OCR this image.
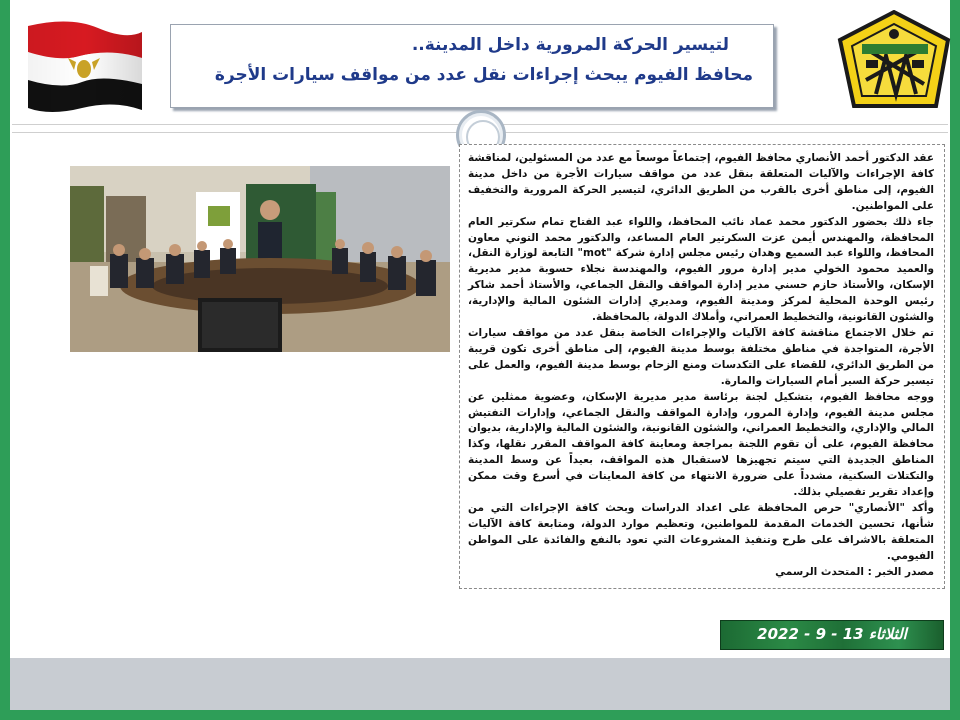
لتيسير الحركة المرورية داخل المدينة..
محافظ الفيوم يبحث إجراءات نقل عدد من مواقف سيارات الأجرة

عقد الدكتور أحمد الأنصاري محافظ الفيوم، إجتماعاً موسعاً مع عدد من المسئولين، لمناقشة كافة الإجراءات والآليات المتعلقة بنقل عدد من مواقف سيارات الأجرة من داخل مدينة الفيوم، إلى مناطق أخرى بالقرب من الطريق الدائري، لتيسير الحركة المرورية والتخفيف على المواطنين.

جاء ذلك بحضور الدكتور محمد عماد نائب المحافظ، واللواء عبد الفتاح تمام سكرتير العام المحافظة، والمهندس أيمن عزت السكرتير العام المساعد، والدكتور محمد التوني معاون المحافظ، واللواء عبد السميع وهدان رئيس مجلس إدارة شركة "mot" التابعة لوزارة النقل، والعميد محمود الخولي مدير إدارة مرور الفيوم، والمهندسة نجلاء حسوبة مدير مديرية الإسكان، والأستاذ حازم حسني مدير إدارة المواقف والنقل الجماعي، والأستاذ أحمد شاكر رئيس الوحدة المحلية لمركز ومدينة الفيوم، ومديري إدارات الشئون المالية والإدارية، والشئون القانونية، والتخطيط العمراني، وأملاك الدولة، بالمحافظة.

تم خلال الاجتماع مناقشة كافة الآليات والإجراءات الخاصة بنقل عدد من مواقف سيارات الأجرة، المتواجدة في مناطق مختلفة بوسط مدينة الفيوم، إلى مناطق أخرى تكون قريبة من الطريق الدائري، للقضاء على التكدسات ومنع الزحام بوسط مدينة الفيوم، والعمل على تيسير حركة السير أمام السيارات والمارة.

ووجه محافظ الفيوم، بتشكيل لجنة برئاسة مدير مديرية الإسكان، وعضوية ممثلين عن مجلس مدينة الفيوم، وإدارة المرور، وإدارة المواقف والنقل الجماعي، وإدارات التفتيش المالي والإداري، والتخطيط العمراني، والشئون القانونية، والشئون المالية والإدارية، بديوان محافظة الفيوم، على أن تقوم اللجنة بمراجعة ومعاينة كافة المواقف المقرر نقلها، وكذا المناطق الجديدة التي سيتم تجهيزها لاستقبال هذه المواقف، بعيداً عن وسط المدينة والتكتلات السكنية، مشدداً على ضرورة الانتهاء من كافة المعاينات في أسرع وقت ممكن وإعداد تقرير تفصيلي بذلك.

وأكد "الأنصاري" حرص المحافظة على اعداد الدراسات وبحث كافة الإجراءات التي من شأنها، تحسين الخدمات المقدمة للمواطنين، وتعظيم موارد الدولة، ومتابعة كافة الآليات المتعلقة بالاشراف على طرح وتنفيذ المشروعات التي تعود بالنفع والفائدة على المواطن الفيومي.

مصدر الخبر : المتحدث الرسمي

الثلاثاء 13 - 9 - 2022
